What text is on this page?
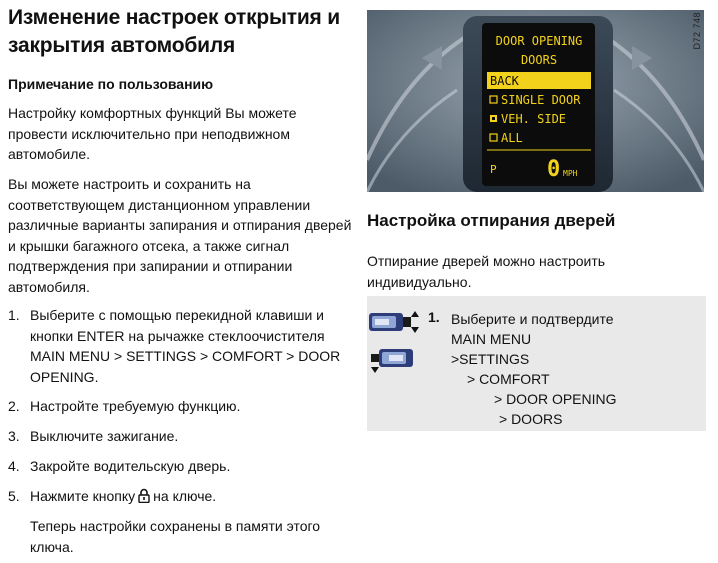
Изменение настроек открытия и закрытия автомобиля
Примечание по пользованию
Настройку комфортных функций Вы можете провести исключительно при неподвижном автомобиле.
Вы можете настроить и сохранить на соответствующем дистанционном управлении различные варианты запирания и отпирания дверей и крышки багажного отсека, а также сигнал подтверждения при запирании и отпирании автомобиля.
1. Выберите с помощью перекидной клавиши и кнопки ENTER на рычажке стеклоочистителя MAIN MENU > SETTINGS > COMFORT > DOOR OPENING.
2. Настройте требуемую функцию.
3. Выключите зажигание.
4. Закройте водительскую дверь.
5. Нажмите кнопку на ключе.
Теперь настройки сохранены в памяти этого ключа.
DOOR OPENING
DOORS
BACK
SINGLE DOOR
VEH. SIDE
ALL
P 0 MPH
D72 748
Настройка отпирания дверей
Отпирание дверей можно настроить индивидуально.
1. Выберите и подтвердите
MAIN MENU
>SETTINGS
> COMFORT
> DOOR OPENING
> DOORS
